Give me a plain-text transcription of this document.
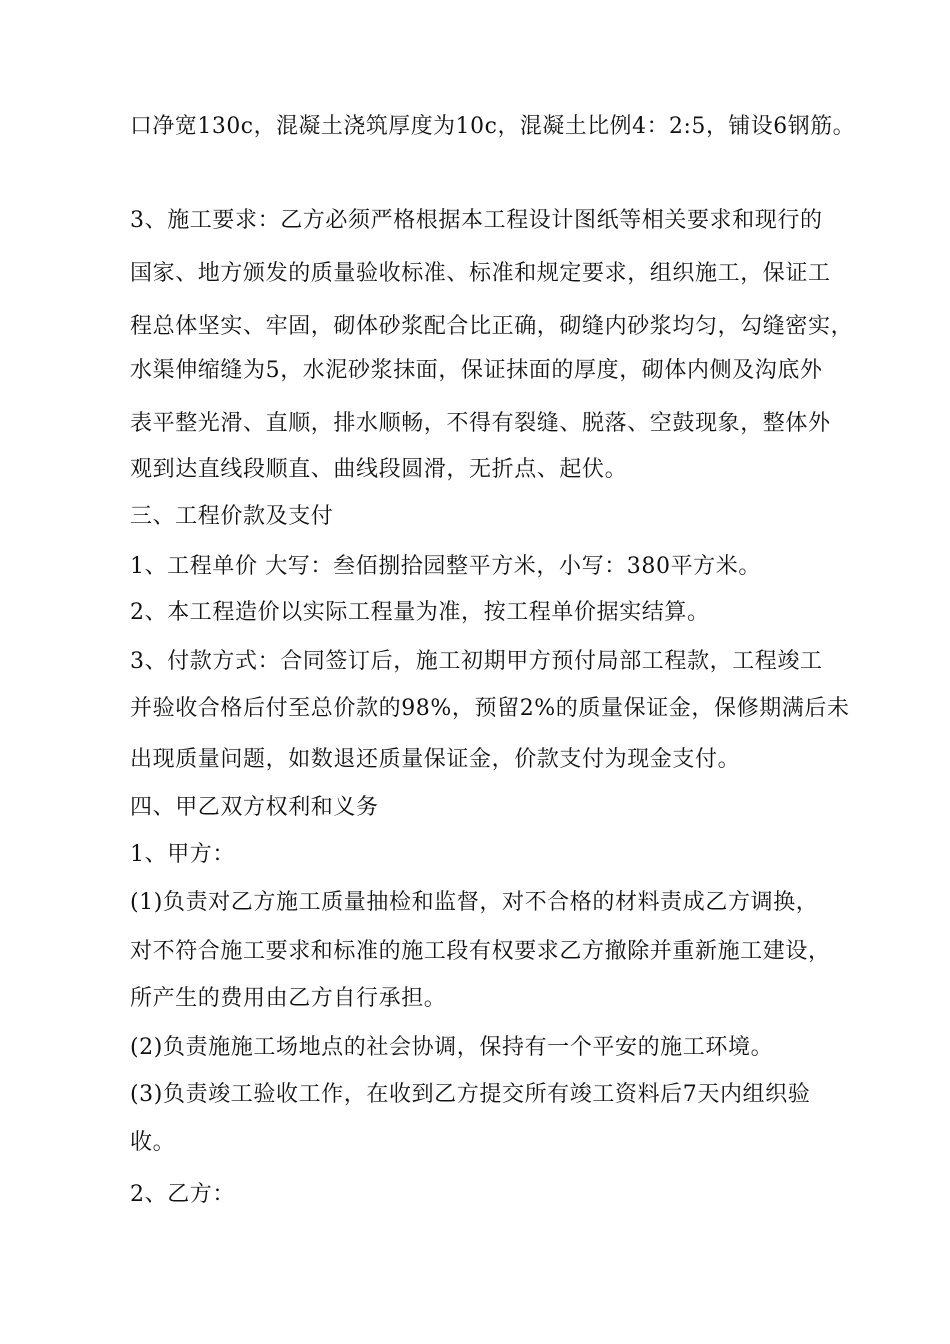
口净宽130c，混凝土浇筑厚度为10c，混凝土比例4：2:5，铺设6钢筋。
3、施工要求：乙方必须严格根据本工程设计图纸等相关要求和现行的
国家、地方颁发的质量验收标准、标准和规定要求，组织施工，保证工
程总体坚实、牢固，砌体砂浆配合比正确，砌缝内砂浆均匀，勾缝密实，
水渠伸缩缝为5，水泥砂浆抹面，保证抹面的厚度，砌体内侧及沟底外
表平整光滑、直顺，排水顺畅，不得有裂缝、脱落、空鼓现象，整体外
观到达直线段顺直、曲线段圆滑，无折点、起伏。
三、工程价款及支付
1、工程单价 大写：叁佰捌拾园整平方米，小写：380平方米。
2、本工程造价以实际工程量为准，按工程单价据实结算。
3、付款方式：合同签订后，施工初期甲方预付局部工程款，工程竣工
并验收合格后付至总价款的98%，预留2%的质量保证金，保修期满后未
出现质量问题，如数退还质量保证金，价款支付为现金支付。
四、甲乙双方权利和义务
1、甲方：
(1)负责对乙方施工质量抽检和监督，对不合格的材料责成乙方调换，
对不符合施工要求和标准的施工段有权要求乙方撤除并重新施工建设，
所产生的费用由乙方自行承担。
(2)负责施施工场地点的社会协调，保持有一个平安的施工环境。
(3)负责竣工验收工作，在收到乙方提交所有竣工资料后7天内组织验
收。
2、乙方：
